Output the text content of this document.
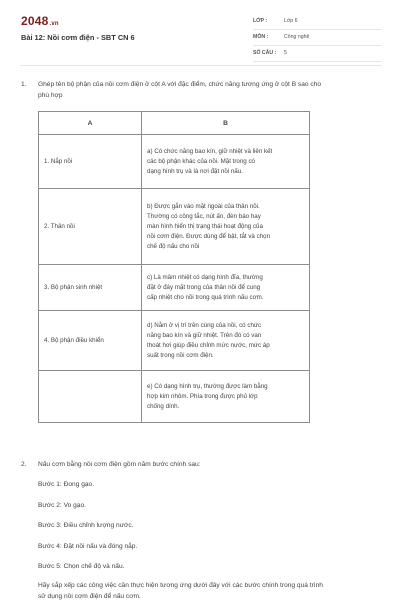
2048.vn
Bài 12: Nồi cơm điện - SBT CN 6
LỚP :	Lớp 6
MÔN :	Công nghệ
SỐ CÂU : 5
1. Ghép tên bộ phận của nồi cơm điện ở cột A với đặc điểm, chức năng tương ứng ở cột B sao cho
phù hợp
A	B
1. Nắp nồi	a) Có chức năng bao kín, giữ nhiệt và liên kết
các bộ phận khác của nồi. Mặt trong có
dạng hình trụ và là nơi đặt nồi nấu.

2. Thân nồi	b) Được gắn vào mặt ngoài của thân nồi.
Thường có công tắc, nút ấn, đèn báo hay
màn hình hiển thị trạng thái hoạt động của
nồi cơm điện. Được dùng để bật, tắt và chọn
chế độ nấu cho nồi

3. Bộ phận sinh nhiệt	c) Là mâm nhiệt có dạng hình đĩa, thường
đặt ở đáy mặt trong của thân nồi để cung
cấp nhiệt cho nồi trong quá trình nấu cơm.

4. Bộ phận điều khiển	d) Nằm ở vị trí trên cùng của nồi, có chức
năng bao kín và giữ nhiệt. Trên đó có van
thoát hơi giúp điều chỉnh mức nước, mức áp
suất trong nồi cơm điện.

	e) Có dạng hình trụ, thường được làm bằng
hợp kim nhôm. Phía trong được phủ lớp
chống dính.
2. Nấu cơm bằng nồi cơm điện gồm năm bước chính sau:
Bước 1: Đong gạo.
Bước 2: Vo gạo.
Bước 3: Điều chỉnh lượng nước.
Bước 4: Đặt nồi nấu và đóng nắp.
Bước 5: Chọn chế độ và nấu.
Hãy sắp xếp các công việc cần thực hiện tương ứng dưới đây với các bước chính trong quá trình
sử dụng nồi cơm điện để nấu cơm.
